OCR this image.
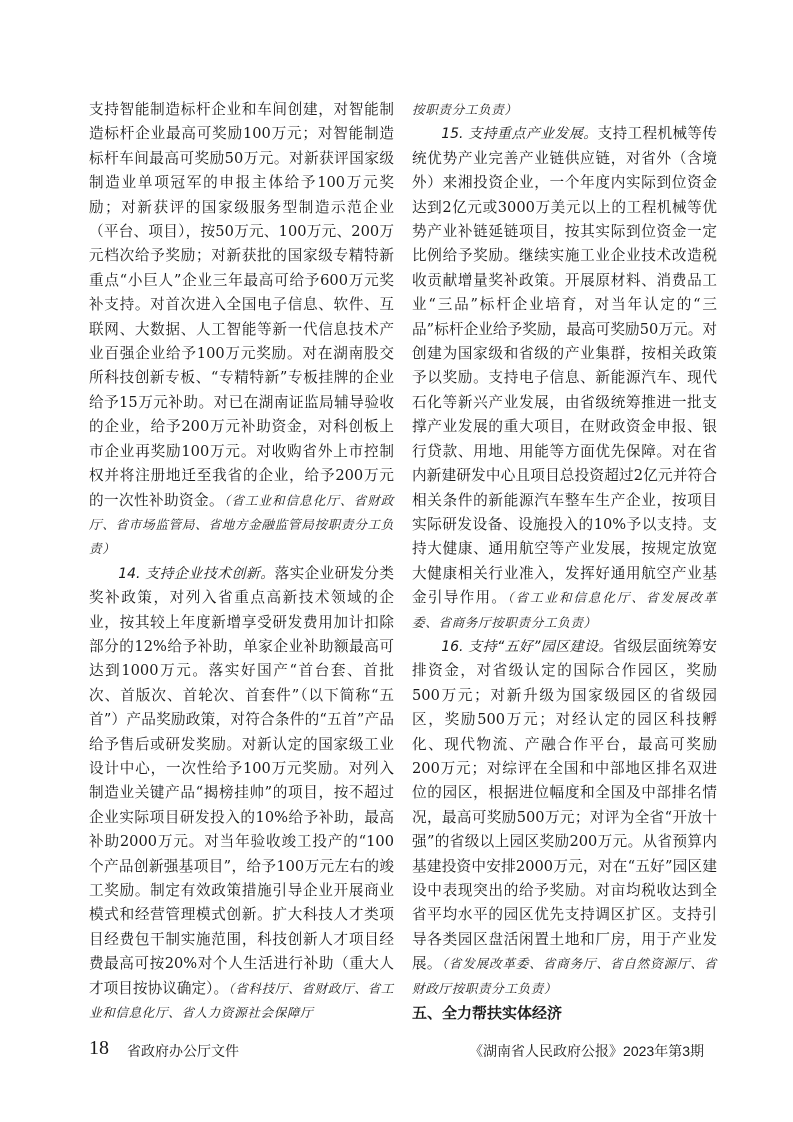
支持智能制造标杆企业和车间创建，对智能制造标杆企业最高可奖励100万元；对智能制造标杆车间最高可奖励50万元。对新获评国家级制造业单项冠军的申报主体给予100万元奖励；对新获评的国家级服务型制造示范企业（平台、项目），按50万元、100万元、200万元档次给予奖励；对新获批的国家级专精特新重点“小巨人”企业三年最高可给予600万元奖补支持。对首次进入全国电子信息、软件、互联网、大数据、人工智能等新一代信息技术产业百强企业给予100万元奖励。对在湖南股交所科技创新专板、“专精特新”专板挂牌的企业给予15万元补助。对已在湖南证监局辅导验收的企业，给予200万元补助资金，对科创板上市企业再奖励100万元。对收购省外上市控制权并将注册地迁至我省的企业，给予200万元的一次性补助资金。（省工业和信息化厅、省财政厅、省市场监管局、省地方金融监管局按职责分工负责）

14. 支持企业技术创新。落实企业研发分类奖补政策，对列入省重点高新技术领域的企业，按其较上年度新增享受研发费用加计扣除部分的12%给予补助，单家企业补助额最高可达到1000万元。落实好国产“首台套、首批次、首版次、首轮次、首套件”（以下简称“五首”）产品奖励政策，对符合条件的“五首”产品给予售后或研发奖励。对新认定的国家级工业设计中心，一次性给予100万元奖励。对列入制造业关键产品“揭榜挂帅”的项目，按不超过企业实际项目研发投入的10%给予补助，最高补助2000万元。对当年验收竣工投产的“100个产品创新强基项目”，给予100万元左右的竣工奖励。制定有效政策措施引导企业开展商业模式和经营管理模式创新。扩大科技人才类项目经费包干制实施范围，科技创新人才项目经费最高可按20%对个人生活进行补助（重大人才项目按协议确定）。（省科技厅、省财政厅、省工业和信息化厅、省人力资源社会保障厅

按职责分工负责）

15. 支持重点产业发展。支持工程机械等传统优势产业完善产业链供应链，对省外（含境外）来湘投资企业，一个年度内实际到位资金达到2亿元或3000万美元以上的工程机械等优势产业补链延链项目，按其实际到位资金一定比例给予奖励。继续实施工业企业技术改造税收贡献增量奖补政策。开展原材料、消费品工业“三品”标杆企业培育，对当年认定的“三品”标杆企业给予奖励，最高可奖励50万元。对创建为国家级和省级的产业集群，按相关政策予以奖励。支持电子信息、新能源汽车、现代石化等新兴产业发展，由省级统筹推进一批支撑产业发展的重大项目，在财政资金申报、银行贷款、用地、用能等方面优先保障。对在省内新建研发中心且项目总投资超过2亿元并符合相关条件的新能源汽车整车生产企业，按项目实际研发设备、设施投入的10%予以支持。支持大健康、通用航空等产业发展，按规定放宽大健康相关行业准入，发挥好通用航空产业基金引导作用。（省工业和信息化厅、省发展改革委、省商务厅按职责分工负责）

16. 支持“五好”园区建设。省级层面统筹安排资金，对省级认定的国际合作园区，奖励500万元；对新升级为国家级园区的省级园区，奖励500万元；对经认定的园区科技孵化、现代物流、产融合作平台，最高可奖励200万元；对综评在全国和中部地区排名双进位的园区，根据进位幅度和全国及中部排名情况，最高可奖励500万元；对评为全省“开放十强”的省级以上园区奖励200万元。从省预算内基建投资中安排2000万元，对在“五好”园区建设中表现突出的给予奖励。对亩均税收达到全省平均水平的园区优先支持调区扩区。支持引导各类园区盘活闲置土地和厂房，用于产业发展。（省发展改革委、省商务厅、省自然资源厅、省财政厅按职责分工负责）

五、全力帮扶实体经济

18 省政府办公厅文件	《湖南省人民政府公报》2023年第3期
